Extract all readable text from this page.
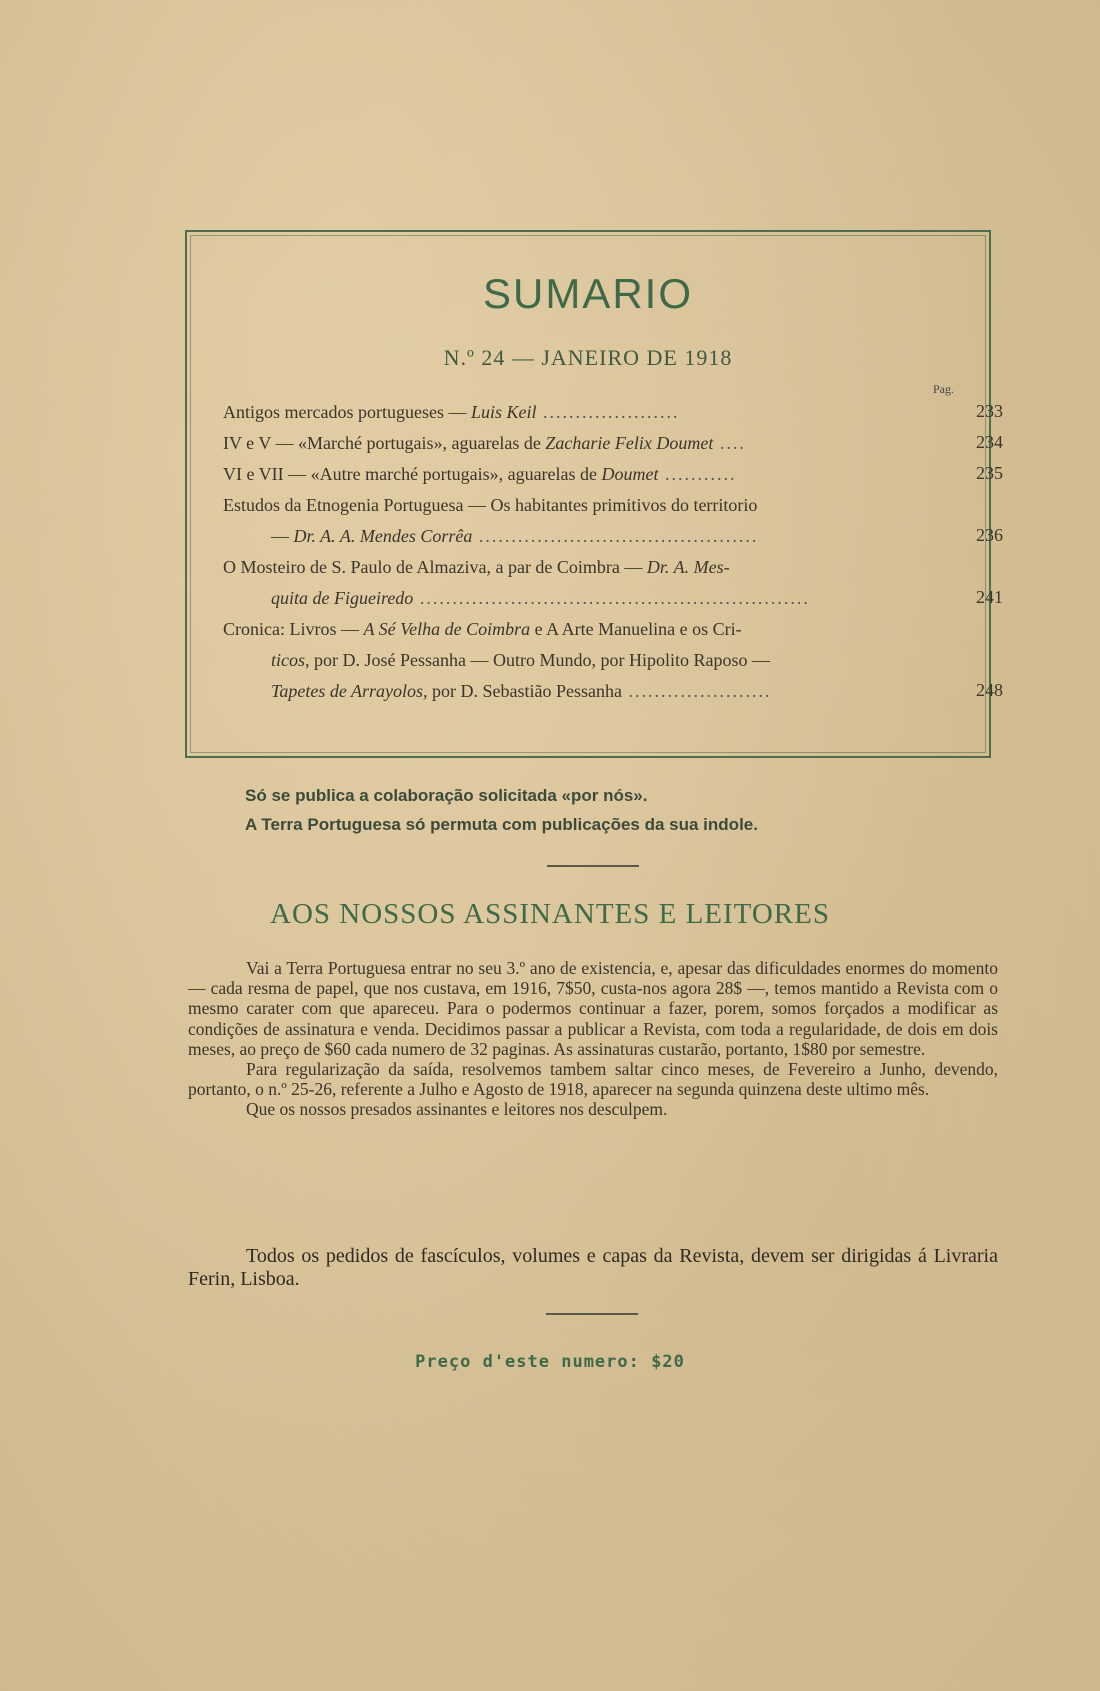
SUMARIO
N.º 24 — JANEIRO DE 1918
Pag.
Antigos mercados portugueses — Luis Keil .....................	233
IV e V — «Marché portugais», aguarelas de Zacharie Felix Doumet ....	234
VI e VII — «Autre marché portugais», aguarelas de Doumet ...........	235
Estudos da Etnogenia Portuguesa — Os habitantes primitivos do territorio
— Dr. A. A. Mendes Corrêa ...........................................	236
O Mosteiro de S. Paulo de Almaziva, a par de Coimbra — Dr. A. Mes-
quita de Figueiredo ............................................................	241
Cronica: Livros — A Sé Velha de Coimbra e A Arte Manuelina e os Cri-
ticos, por D. José Pessanha — Outro Mundo, por Hipolito Raposo —
Tapetes de Arrayolos, por D. Sebastião Pessanha ......................	248
Só se publica a colaboração solicitada «por nós».
A Terra Portuguesa só permuta com publicações da sua indole.
AOS NOSSOS ASSINANTES E LEITORES

Vai a Terra Portuguesa entrar no seu 3.º ano de existencia, e, apesar das dificuldades enormes do momento — cada resma de papel, que nos custava, em 1916, 7$50, custa-nos agora 28$ —, temos mantido a Revista com o mesmo carater com que apareceu. Para o podermos continuar a fazer, porem, somos forçados a modificar as condições de assinatura e venda. Decidimos passar a publicar a Revista, com toda a regularidade, de dois em dois meses, ao preço de $60 cada numero de 32 paginas. As assinaturas custarão, portanto, 1$80 por semestre.

Para regularização da saída, resolvemos tambem saltar cinco meses, de Fevereiro a Junho, devendo, portanto, o n.º 25-26, referente a Julho e Agosto de 1918, aparecer na segunda quinzena deste ultimo mês.

Que os nossos presados assinantes e leitores nos desculpem.

Todos os pedidos de fascículos, volumes e capas da Revista, devem ser dirigidas á Livraria Ferin, Lisboa.
Preço d'este numero: $20
